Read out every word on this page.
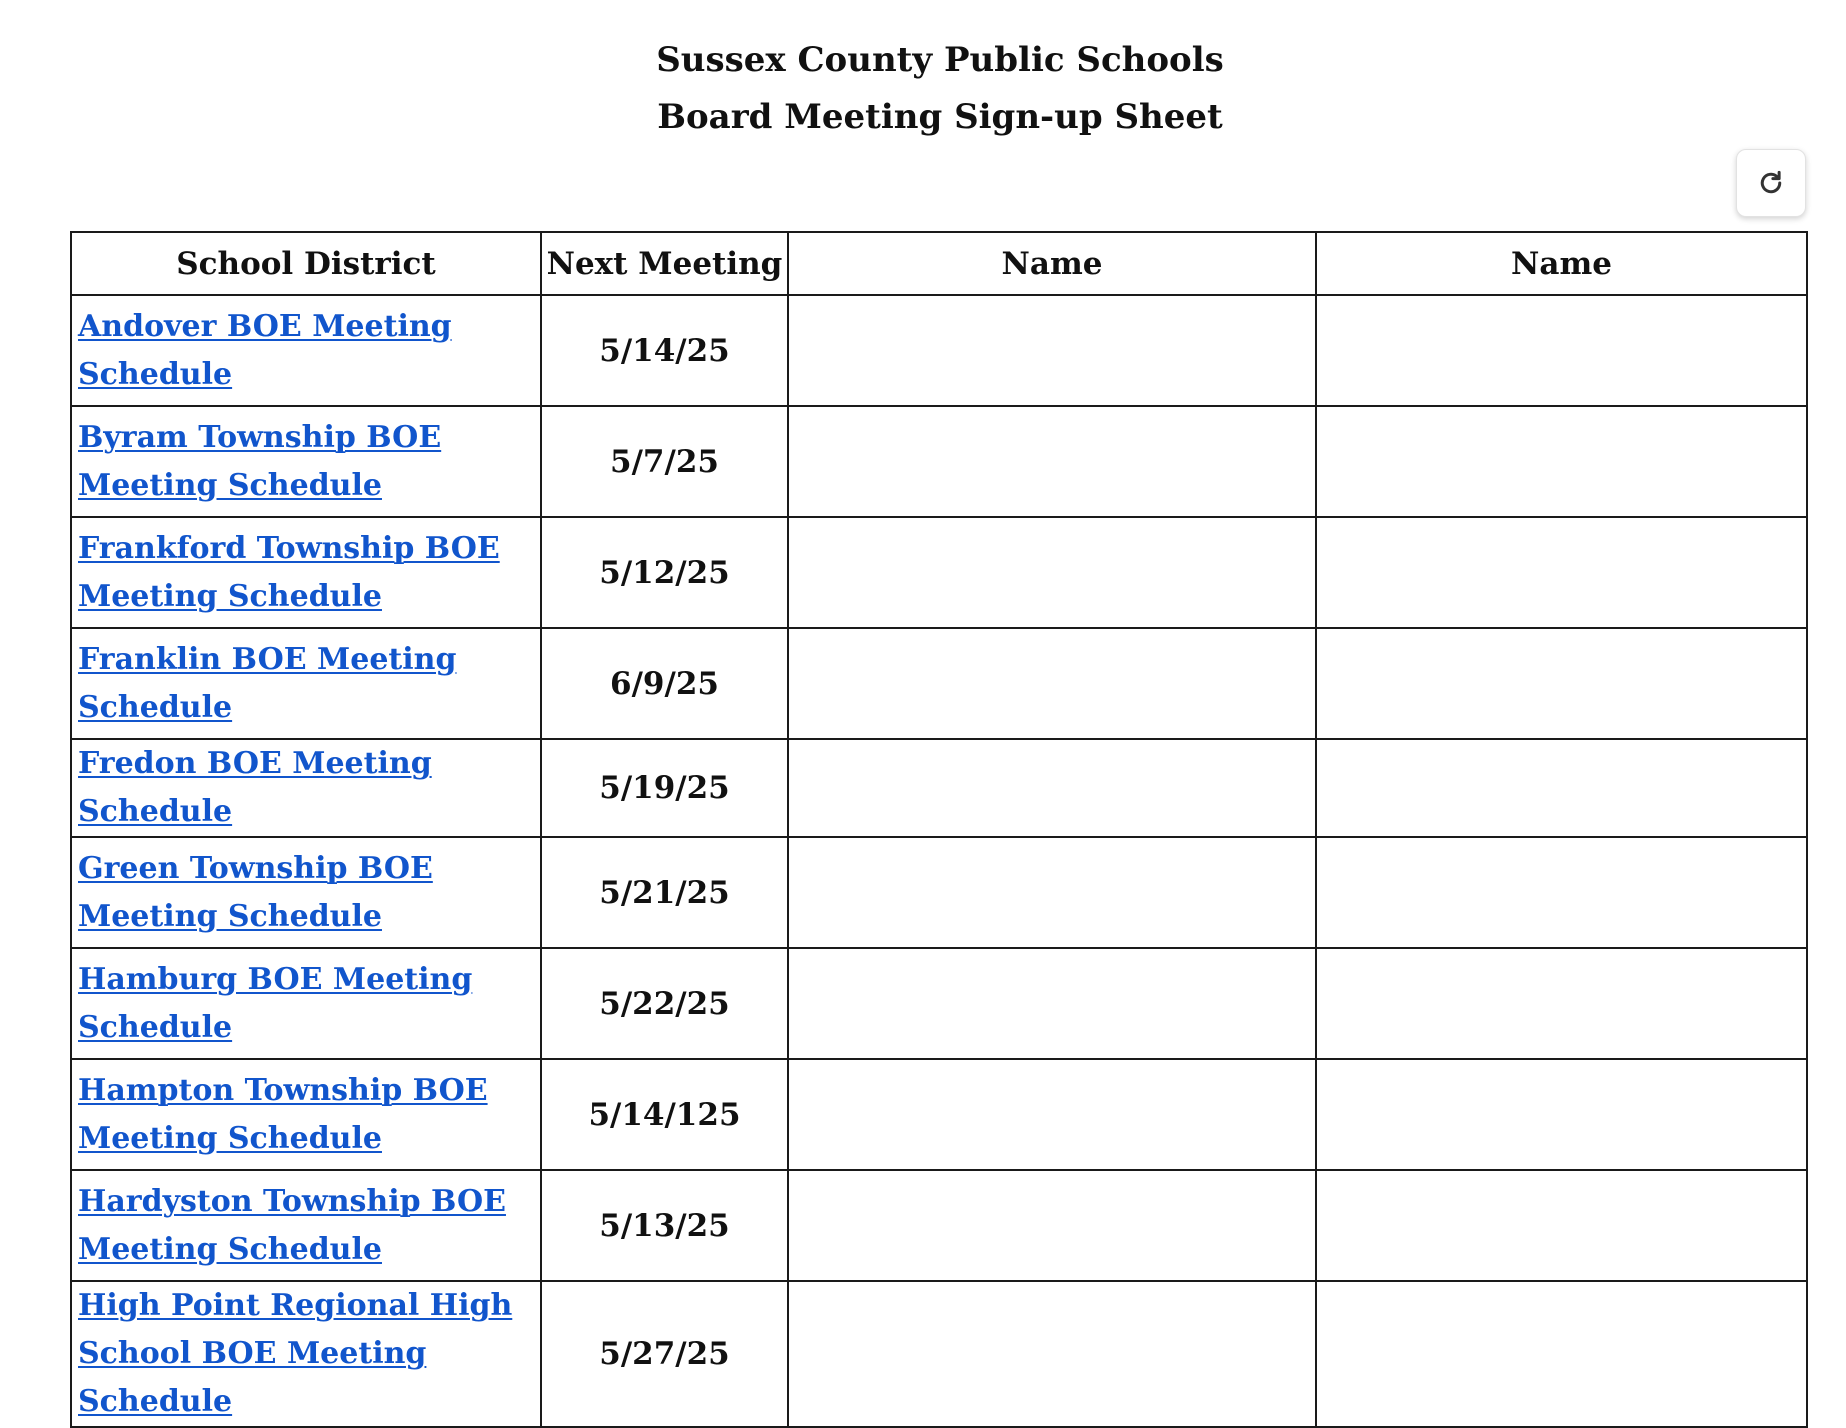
Sussex County Public Schools
Board Meeting Sign-up Sheet
School District	Next Meeting	Name	Name

Andover BOE Meeting Schedule	5/14/25		

Byram Township BOE Meeting Schedule	5/7/25		

Frankford Township BOE Meeting Schedule	5/12/25		

Franklin BOE Meeting Schedule	6/9/25		

Fredon BOE Meeting Schedule	5/19/25		

Green Township BOE Meeting Schedule	5/21/25		

Hamburg BOE Meeting Schedule	5/22/25		

Hampton Township BOE Meeting Schedule	5/14/125		

Hardyston Township BOE Meeting Schedule	5/13/25		

High Point Regional High School BOE Meeting Schedule	5/27/25		
